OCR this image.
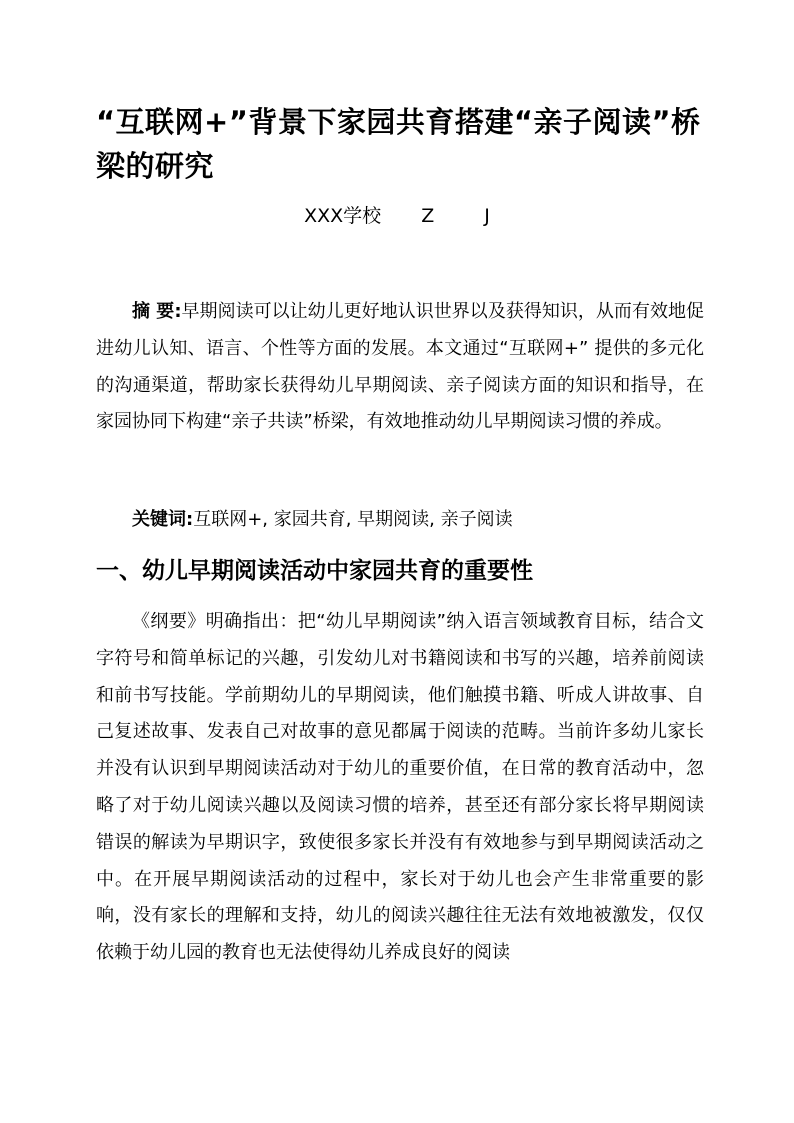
“互联网+”背景下家园共育搭建“亲子阅读”桥梁的研究
XXX学校 Z	J

摘 要:早期阅读可以让幼儿更好地认识世界以及获得知识，从而有效地促进幼儿认知、语言、个性等方面的发展。本文通过“互联网+” 提供的多元化的沟通渠道，帮助家长获得幼儿早期阅读、亲子阅读方面的知识和指导，在家园协同下构建“亲子共读”桥梁，有效地推动幼儿早期阅读习惯的养成。

关键词:互联网+, 家园共育, 早期阅读, 亲子阅读

一、幼儿早期阅读活动中家园共育的重要性

《纲要》明确指出：把“幼儿早期阅读”纳入语言领域教育目标，结合文字符号和简单标记的兴趣，引发幼儿对书籍阅读和书写的兴趣，培养前阅读和前书写技能。学前期幼儿的早期阅读，他们触摸书籍、听成人讲故事、自己复述故事、发表自己对故事的意见都属于阅读的范畴。当前许多幼儿家长并没有认识到早期阅读活动对于幼儿的重要价值，在日常的教育活动中，忽略了对于幼儿阅读兴趣以及阅读习惯的培养，甚至还有部分家长将早期阅读错误的解读为早期识字，致使很多家长并没有有效地参与到早期阅读活动之中。在开展早期阅读活动的过程中，家长对于幼儿也会产生非常重要的影响，没有家长的理解和支持，幼儿的阅读兴趣往往无法有效地被激发，仅仅依赖于幼儿园的教育也无法使得幼儿养成良好的阅读
